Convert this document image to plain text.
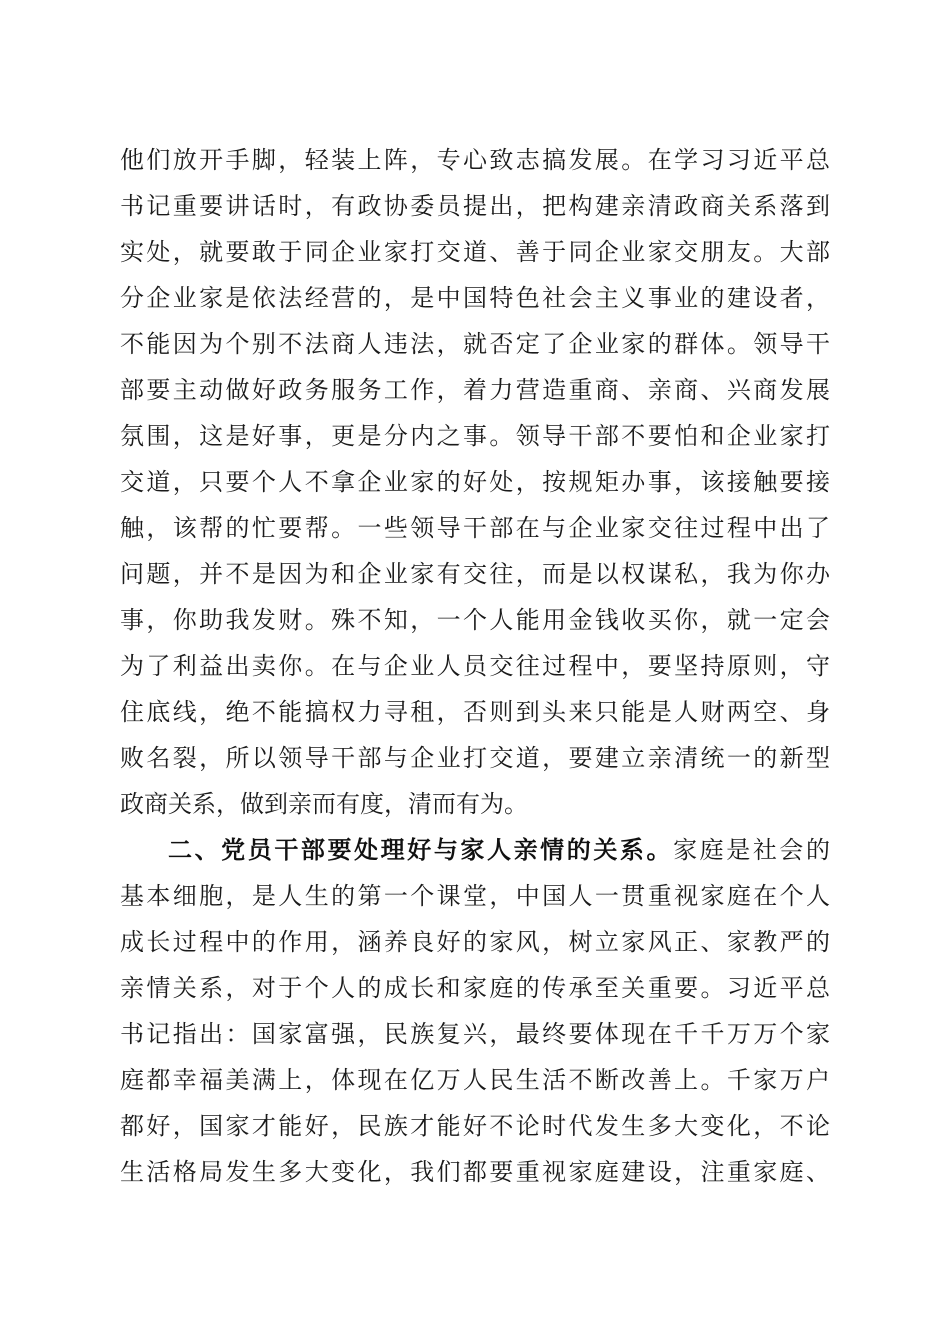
他们放开手脚，轻装上阵，专心致志搞发展。在学习习近平总
书记重要讲话时，有政协委员提出，把构建亲清政商关系落到
实处，就要敢于同企业家打交道、善于同企业家交朋友。大部
分企业家是依法经营的，是中国特色社会主义事业的建设者，
不能因为个别不法商人违法，就否定了企业家的群体。领导干
部要主动做好政务服务工作，着力营造重商、亲商、兴商发展
氛围，这是好事，更是分内之事。领导干部不要怕和企业家打
交道，只要个人不拿企业家的好处，按规矩办事，该接触要接
触，该帮的忙要帮。一些领导干部在与企业家交往过程中出了
问题，并不是因为和企业家有交往，而是以权谋私，我为你办
事，你助我发财。殊不知，一个人能用金钱收买你，就一定会
为了利益出卖你。在与企业人员交往过程中，要坚持原则，守
住底线，绝不能搞权力寻租，否则到头来只能是人财两空、身
败名裂，所以领导干部与企业打交道，要建立亲清统一的新型
政商关系，做到亲而有度，清而有为。
二、党员干部要处理好与家人亲情的关系。家庭是社会的
基本细胞，是人生的第一个课堂，中国人一贯重视家庭在个人
成长过程中的作用，涵养良好的家风，树立家风正、家教严的
亲情关系，对于个人的成长和家庭的传承至关重要。习近平总
书记指出：国家富强，民族复兴，最终要体现在千千万万个家
庭都幸福美满上，体现在亿万人民生活不断改善上。千家万户
都好，国家才能好，民族才能好不论时代发生多大变化，不论
生活格局发生多大变化，我们都要重视家庭建设，注重家庭、
